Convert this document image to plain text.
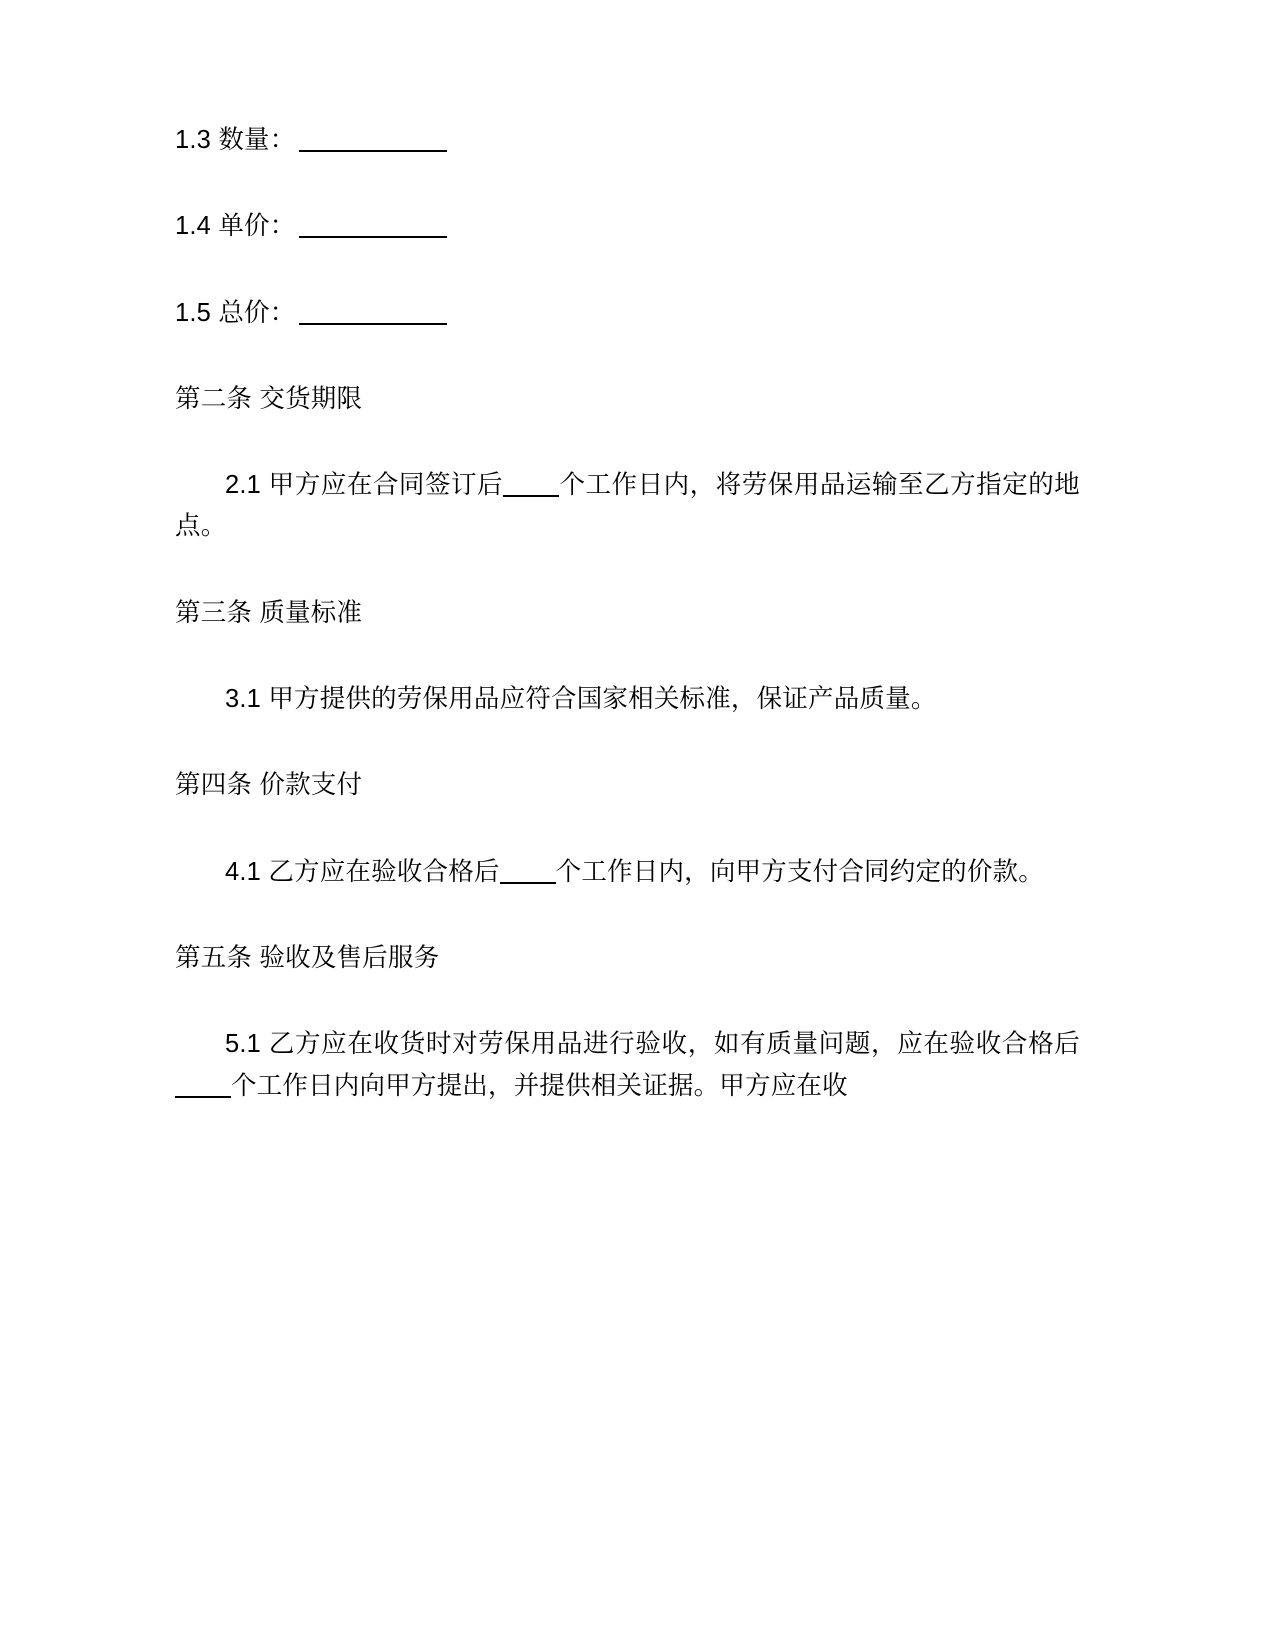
1.3 数量：

1.4 单价：

1.5 总价：

第二条 交货期限

2.1 甲方应在合同签订后 个工作日内，将劳保用品运输至乙方指定的地点。

第三条 质量标准

3.1 甲方提供的劳保用品应符合国家相关标准，保证产品质量。

第四条 价款支付

4.1 乙方应在验收合格后 个工作日内，向甲方支付合同约定的价款。

第五条 验收及售后服务

5.1 乙方应在收货时对劳保用品进行验收，如有质量问题，应在验收合格后个工作日内向甲方提出，并提供相关证据。甲方应在收
